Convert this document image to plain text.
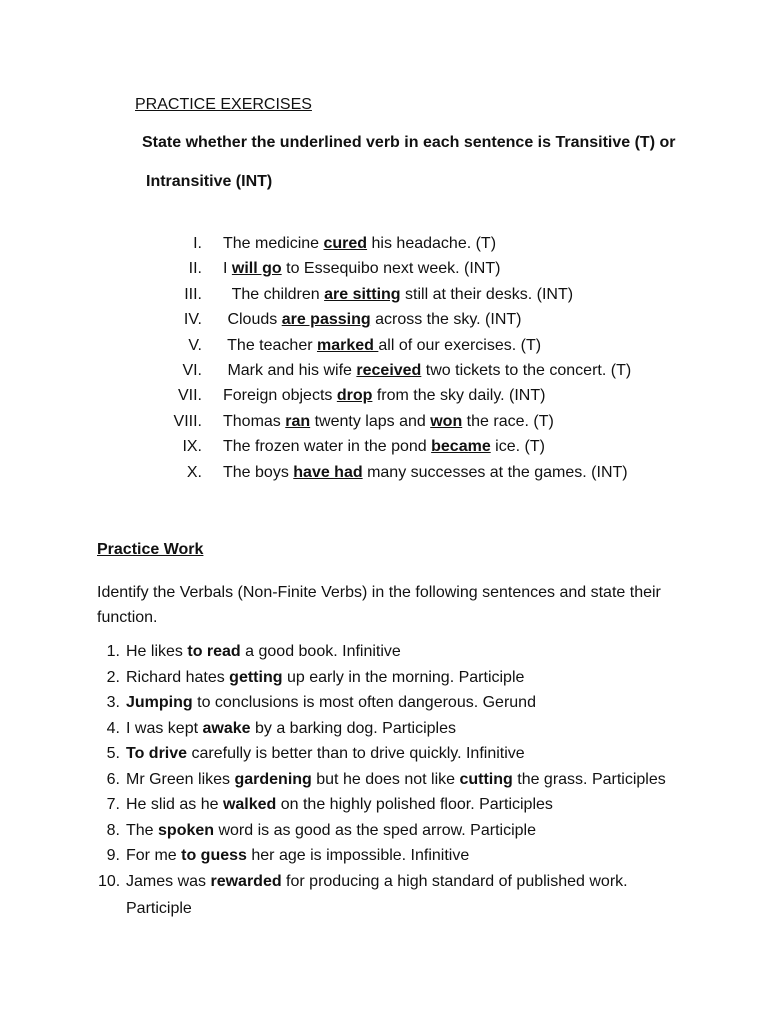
PRACTICE EXERCISES
State whether the underlined verb in each sentence is Transitive (T) or
Intransitive (INT)
I. The medicine cured his headache. (T)
II. I will go to Essequibo next week. (INT)
III. The children are sitting still at their desks. (INT)
IV. Clouds are passing across the sky. (INT)
V. The teacher marked all of our exercises. (T)
VI. Mark and his wife received two tickets to the concert. (T)
VII. Foreign objects drop from the sky daily. (INT)
VIII. Thomas ran twenty laps and won the race. (T)
IX. The frozen water in the pond became ice. (T)
X. The boys have had many successes at the games. (INT)
Practice Work
Identify the Verbals (Non-Finite Verbs) in the following sentences and state their function.
1. He likes to read a good book. Infinitive
2. Richard hates getting up early in the morning. Participle
3. Jumping to conclusions is most often dangerous. Gerund
4. I was kept awake by a barking dog. Participles
5. To drive carefully is better than to drive quickly. Infinitive
6. Mr Green likes gardening but he does not like cutting the grass. Participles
7. He slid as he walked on the highly polished floor. Participles
8. The spoken word is as good as the sped arrow. Participle
9. For me to guess her age is impossible. Infinitive
10. James was rewarded for producing a high standard of published work.
Participle
